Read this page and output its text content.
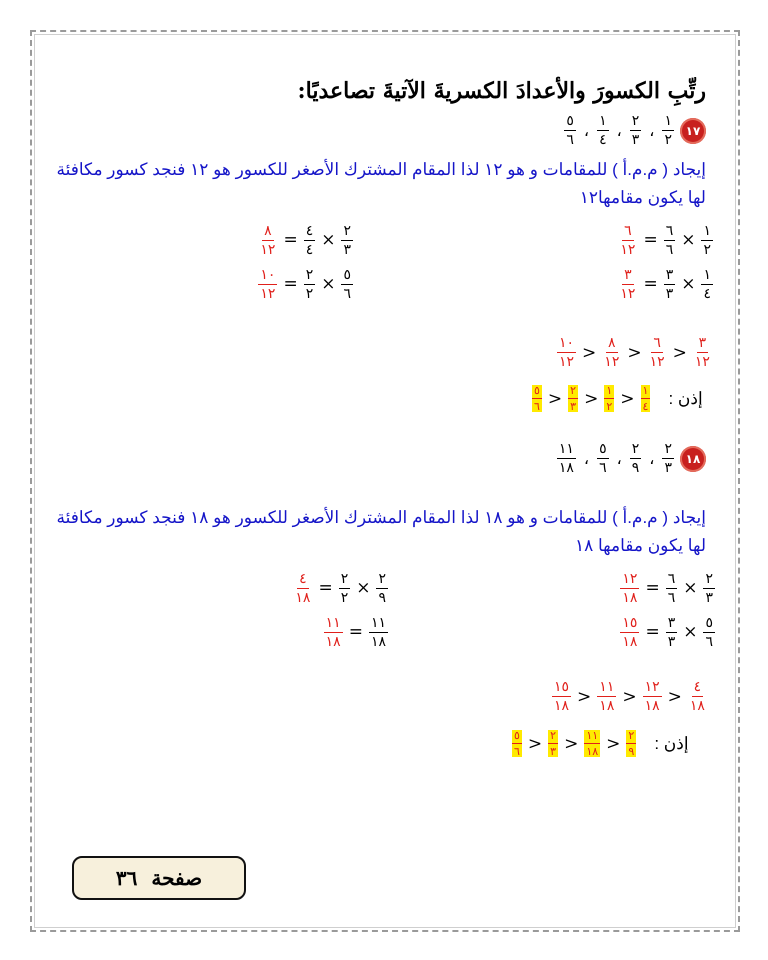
رتِّبِ الكسورَ والأعدادَ الكسريةَ الآتيةَ تصاعديًا:
١٧
$\frac{١}{٢}$
،
$\frac{٢}{٣}$
،
$\frac{١}{٤}$
،
$\frac{٥}{٦}$
إيجاد ( م.م.أ ) للمقامات و هو ١٢ لذا المقام المشترك الأصغر للكسور هو ١٢ فنجد كسور مكافئة لها يكون مقامها١٢
$\frac{٦}{١٢} = \frac{٦}{٦} \times \frac{١}{٢}$
$\frac{٣}{١٢} = \frac{٣}{٣} \times \frac{١}{٤}$
$\frac{٨}{١٢} = \frac{٤}{٤} \times \frac{٢}{٣}$
$\frac{١٠}{١٢} = \frac{٢}{٢} \times \frac{٥}{٦}$
$\frac{١٠}{١٢} > \frac{٨}{١٢} > \frac{٦}{١٢} > \frac{٣}{١٢}$
$\frac{٥}{٦} > \frac{٢}{٣} > \frac{١}{٢} > \frac{١}{٤}$ إذن :
١٨
$\frac{٢}{٣}$
،
$\frac{٢}{٩}$
،
$\frac{٥}{٦}$
،
$\frac{١١}{١٨}$
إيجاد ( م.م.أ ) للمقامات و هو ١٨ لذا المقام المشترك الأصغر للكسور هو ١٨ فنجد كسور مكافئة لها يكون مقامها ١٨
$\frac{١٢}{١٨} = \frac{٦}{٦} \times \frac{٢}{٣}$
$\frac{١٥}{١٨} = \frac{٣}{٣} \times \frac{٥}{٦}$
$\frac{٤}{١٨} = \frac{٢}{٢} \times \frac{٢}{٩}$
$\frac{١١}{١٨} = \frac{١١}{١٨}$
$\frac{١٥}{١٨} > \frac{١١}{١٨} > \frac{١٢}{١٨} > \frac{٤}{١٨}$
$\frac{٥}{٦} > \frac{٢}{٣} > \frac{١١}{١٨} > \frac{٢}{٩}$ إذن :
صفحة
٣٦
